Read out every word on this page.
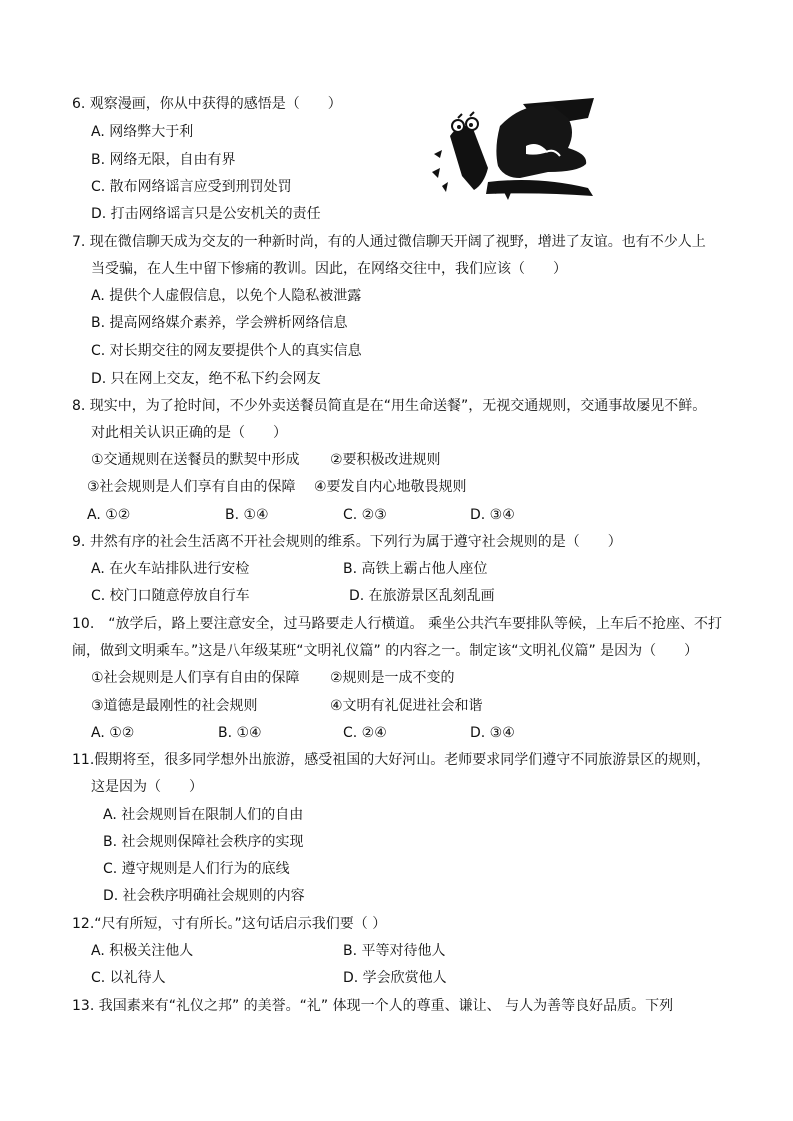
6. 观察漫画，你从中获得的感悟是（　　）
A. 网络弊大于利
B. 网络无限，自由有界
C. 散布网络谣言应受到刑罚处罚
D. 打击网络谣言只是公安机关的责任
7. 现在微信聊天成为交友的一种新时尚，有的人通过微信聊天开阔了视野，增进了友谊。也有不少人上
当受骗，在人生中留下惨痛的教训。因此，在网络交往中，我们应该（　　）
A. 提供个人虚假信息，以免个人隐私被泄露
B. 提高网络媒介素养，学会辨析网络信息
C. 对长期交往的网友要提供个人的真实信息
D. 只在网上交友，绝不私下约会网友
8. 现实中，为了抢时间，不少外卖送餐员简直是在“用生命送餐”，无视交通规则，交通事故屡见不鲜。
对此相关认识正确的是（　　）
①交通规则在送餐员的默契中形成 ②要积极改进规则
③社会规则是人们享有自由的保障 ④要发自内心地敬畏规则
A. ①②	B. ①④	C. ②③	D. ③④
9. 井然有序的社会生活离不开社会规则的维系。下列行为属于遵守社会规则的是（　　）
A. 在火车站排队进行安检	B. 高铁上霸占他人座位
C. 校门口随意停放自行车	D. 在旅游景区乱刻乱画
10.　“放学后，路上要注意安全，过马路要走人行横道。 乘坐公共汽车要排队等候，上车后不抢座、不打
闹，做到文明乘车。”这是八年级某班“文明礼仪篇” 的内容之一。制定该“文明礼仪篇” 是因为（　　）
①社会规则是人们享有自由的保障 ②规则是一成不变的
③道德是最刚性的社会规则	④文明有礼促进社会和谐
A. ①②	B. ①④	C. ②④	D. ③④
11.假期将至，很多同学想外出旅游，感受祖国的大好河山。老师要求同学们遵守不同旅游景区的规则，
这是因为（　　）
A. 社会规则旨在限制人们的自由
B. 社会规则保障社会秩序的实现
C. 遵守规则是人们行为的底线
D. 社会秩序明确社会规则的内容
12.“尺有所短，寸有所长。”这句话启示我们要（ ）
A. 积极关注他人	B. 平等对待他人
C. 以礼待人	D. 学会欣赏他人
13. 我国素来有“礼仪之邦” 的美誉。“礼” 体现一个人的尊重、谦让、 与人为善等良好品质。下列
